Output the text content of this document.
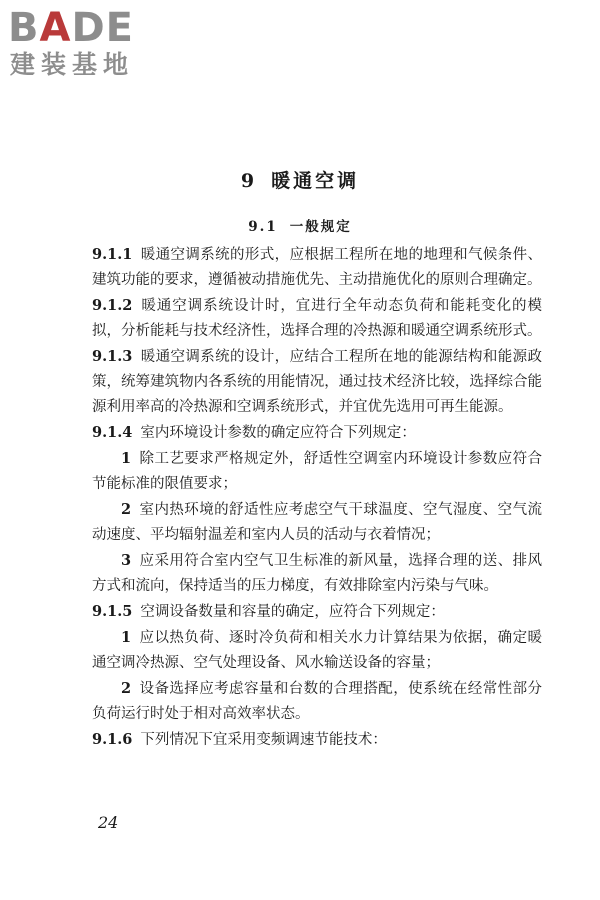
BADE

建装基地

9 暖通空调
9.1 一般规定

9.1.1 暖通空调系统的形式，应根据工程所在地的地理和气候条件、建筑功能的要求，遵循被动措施优先、主动措施优化的原则合理确定。

9.1.2 暖通空调系统设计时，宜进行全年动态负荷和能耗变化的模拟，分析能耗与技术经济性，选择合理的冷热源和暖通空调系统形式。

9.1.3 暖通空调系统的设计，应结合工程所在地的能源结构和能源政策，统筹建筑物内各系统的用能情况，通过技术经济比较，选择综合能源利用率高的冷热源和空调系统形式，并宜优先选用可再生能源。

9.1.4 室内环境设计参数的确定应符合下列规定：

1 除工艺要求严格规定外，舒适性空调室内环境设计参数应符合节能标准的限值要求；

2 室内热环境的舒适性应考虑空气干球温度、空气湿度、空气流动速度、平均辐射温差和室内人员的活动与衣着情况；

3 应采用符合室内空气卫生标准的新风量，选择合理的送、排风方式和流向，保持适当的压力梯度，有效排除室内污染与气味。

9.1.5 空调设备数量和容量的确定，应符合下列规定：

1 应以热负荷、逐时冷负荷和相关水力计算结果为依据，确定暖通空调冷热源、空气处理设备、风水输送设备的容量；

2 设备选择应考虑容量和台数的合理搭配，使系统在经常性部分负荷运行时处于相对高效率状态。

9.1.6 下列情况下宜采用变频调速节能技术：

24
